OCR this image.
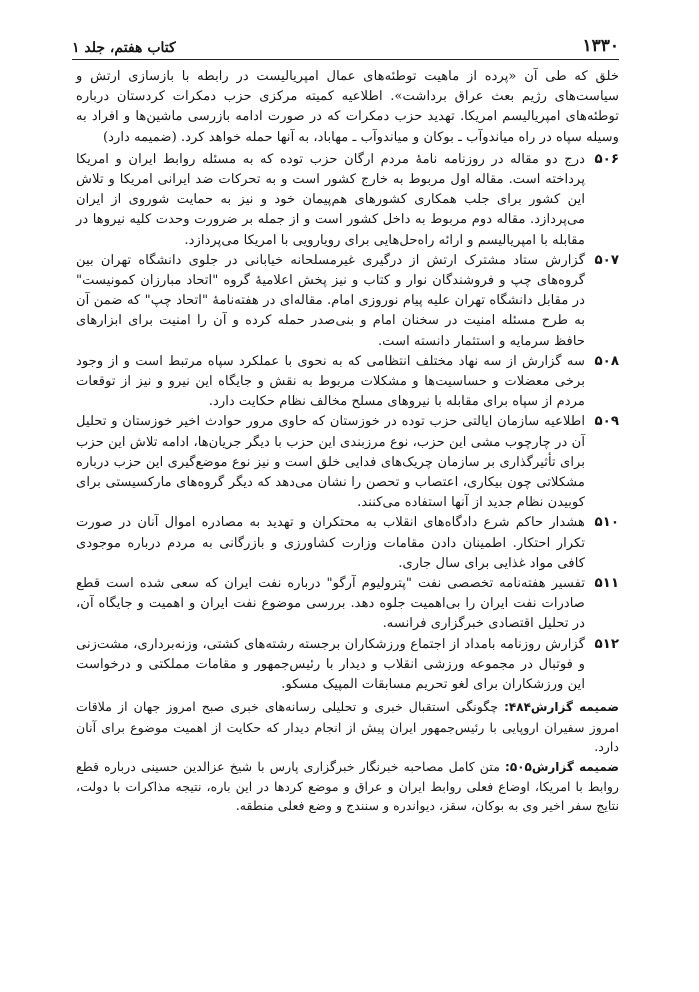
۱۳۳۰
کتاب هفتم، جلد ۱

خلق که طی آن «پرده از ماهیت توطئه‌های عمال امپریالیست در رابطه با بازسازی ارتش و سیاست‌های رژیم بعث عراق برداشت». اطلاعیه کمیته مرکزی حزب دمکرات کردستان درباره توطئه‌های امپریالیسم امریکا. تهدید حزب دمکرات که در صورت ادامه بازرسی ماشین‌ها و افراد به وسیله سپاه در راه میاندوآب ـ بوکان و میاندوآب ـ مهاباد، به آنها حمله خواهد کرد. (ضمیمه دارد)

۵۰۶
درج دو مقاله در روزنامه نامهٔ مردم ارگان حزب توده که به مسئله روابط ایران و امریکا پرداخته است. مقاله اول مربوط به خارج کشور است و به تحرکات ضد ایرانی امریکا و تلاش این کشور برای جلب همکاری کشورهای هم‌پیمان خود و نیز به حمایت شوروی از ایران می‌پردازد. مقاله دوم مربوط به داخل کشور است و از جمله بر ضرورت وحدت کلیه نیروها در مقابله با امپریالیسم و ارائه راه‌حل‌هایی برای رویارویی با امریکا می‌پردازد.
۵۰۷
گزارش ستاد مشترک ارتش از درگیری غیرمسلحانه خیابانی در جلوی دانشگاه تهران بین گروه‌های چپ و فروشندگان نوار و کتاب و نیز پخش اعلامیهٔ گروه "اتحاد مبارزان کمونیست" در مقابل دانشگاه تهران علیه پیام نوروزی امام. مقاله‌ای در هفته‌نامهٔ "اتحاد چپ" که ضمن آن به طرح مسئله امنیت در سخنان امام و بنی‌صدر حمله کرده و آن را امنیت برای ابزارهای حافظ سرمایه و استثمار دانسته است.
۵۰۸
سه گزارش از سه نهاد مختلف انتظامی که به نحوی با عملکرد سپاه مرتبط است و از وجود برخی معضلات و حساسیت‌ها و مشکلات مربوط به نقش و جایگاه این نیرو و نیز از توقعات مردم از سپاه برای مقابله با نیروهای مسلح مخالف نظام حکایت دارد.
۵۰۹
اطلاعیه سازمان ایالتی حزب توده در خوزستان که حاوی مرور حوادث اخیر خوزستان و تحلیل آن در چارچوب مشی این حزب، نوع مرزبندی این حزب با دیگر جریان‌ها، ادامه تلاش این حزب برای تأثیرگذاری بر سازمان چریک‌های فدایی خلق است و نیز نوع موضع‌گیری این حزب درباره مشکلاتی چون بیکاری، اعتصاب و تحصن را نشان می‌دهد که دیگر گروه‌های مارکسیستی برای کوبیدن نظام جدید از آنها استفاده می‌کنند.
۵۱۰
هشدار حاکم شرع دادگاه‌های انقلاب به محتکران و تهدید به مصادره اموال آنان در صورت تکرار احتکار. اطمینان دادن مقامات وزارت کشاورزی و بازرگانی به مردم درباره موجودی کافی مواد غذایی برای سال جاری.
۵۱۱
تفسیر هفته‌نامه تخصصی نفت "پترولیوم آرگو" درباره نفت ایران که سعی شده است قطع صادرات نفت ایران را بی‌اهمیت جلوه دهد. بررسی موضوع نفت ایران و اهمیت و جایگاه آن، در تحلیل اقتصادی خبرگزاری فرانسه.
۵۱۲
گزارش روزنامه بامداد از اجتماع ورزشکاران برجسته رشته‌های کشتی، وزنه‌برداری، مشت‌زنی و فوتبال در مجموعه ورزشی انقلاب و دیدار با رئیس‌جمهور و مقامات مملکتی و درخواست این ورزشکاران برای لغو تحریم مسابقات المپیک مسکو.

ضمیمه گزارش۴۸۴: چگونگی استقبال خبری و تحلیلی رسانه‌های خبری صبح امروز جهان از ملاقات امروز سفیران اروپایی با رئیس‌جمهور ایران پیش از انجام دیدار که حکایت از اهمیت موضوع برای آنان دارد.

ضمیمه گزارش۵۰۵: متن کامل مصاحبه خبرنگار خبرگزاری پارس با شیخ عزالدین حسینی درباره قطع روابط با امریکا، اوضاع فعلی روابط ایران و عراق و موضع کردها در این باره، نتیجه مذاکرات با دولت، نتایج سفر اخیر وی به بوکان، سقز، دیواندره و سنندج و وضع فعلی منطقه.
